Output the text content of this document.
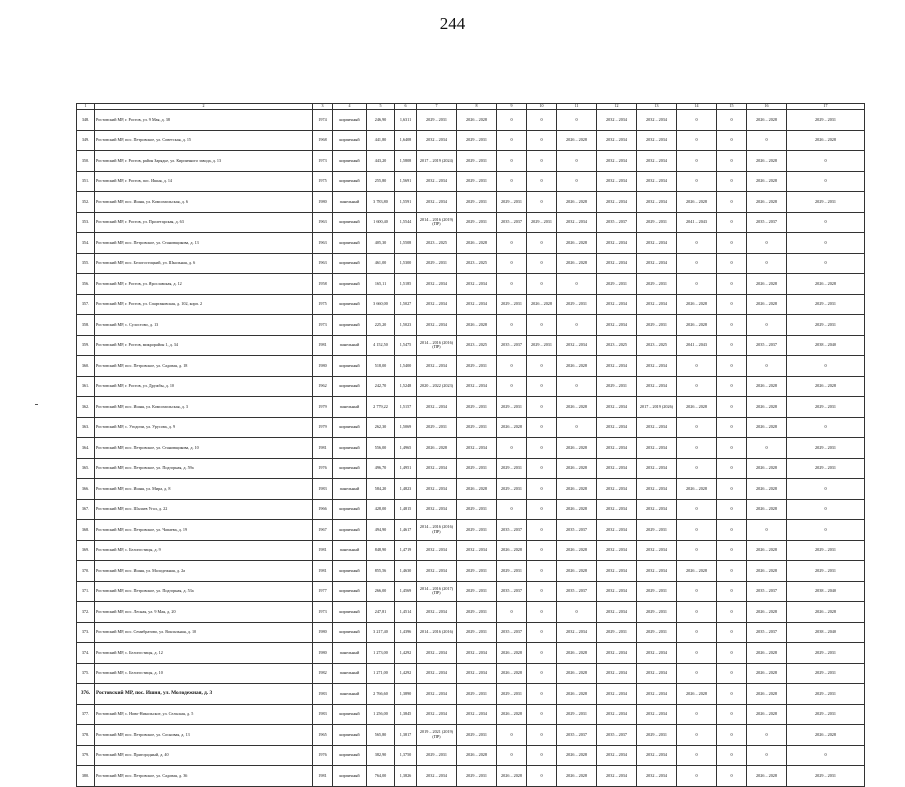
244
1	2	3	4	5	6	7	8	9	10	11	12	13	14	15	16	17
348.	Ростовский МР, г. Ростов, ул. 9 Мая, д. 38	1974	кирпичный	246,90	1,6311	2029 – 2031	2026 – 2028	0	0	0	2032 – 2034	2032 – 2034	0	0	2026 – 2028	2029 – 2031
349.	Ростовский МР, пос. Петровское, ул. Советская, д. 15	1968	кирпичный	441,80	1,6408	2032 – 2034	2029 – 2031	0	0	2026 – 2028	2032 – 2034	2032 – 2034	0	0	0	2026 – 2028
350.	Ростовский МР, г. Ростов, район Зарядье, ул. Кирпичного завода, д. 13	1973	кирпичный	443,20	1,5808	2017 – 2019 (2024)	2029 – 2031	0	0	0	2032 – 2034	2032 – 2034	0	0	2026 – 2028	0
351.	Ростовский МР, г. Ростов, пос. Ишня, д. 14	1975	кирпичный	255,80	1,5691	2032 – 2034	2029 – 2031	0	0	0	2032 – 2034	2032 – 2034	0	0	2026 – 2028	0
352.	Ростовский МР, пос. Ишня, ул. Комсомольская, д. 6	1980	панельный	3 783,80	1,5591	2032 – 2034	2029 – 2031	2029 – 2031	0	2026 – 2028	2032 – 2034	2032 – 2034	2026 – 2028	0	2026 – 2028	2029 – 2031
353.	Ростовский МР, г. Ростов, ул. Пролетарская, д. 63	1963	кирпичный	1 600,40	1,5544	2014 – 2016 (2019) (ПР)	2029 – 2031	2035 – 2037	2029 – 2031	2032 – 2034	2035 – 2037	2029 – 2031	2041 – 2043	0	2035 – 2037	0
354.	Ростовский МР, пос. Петровское, ул. Становщикова, д. 13	1963	кирпичный	405,30	1,5508	2023 – 2025	2026 – 2028	0	0	2026 – 2028	2032 – 2034	2032 – 2034	0	0	0	0
355.	Ростовский МР, пос. Белогостицкий, ул. Школьная, д. 6	1963	кирпичный	461,00	1,5300	2029 – 2031	2023 – 2025	0	0	2026 – 2028	2032 – 2034	2032 – 2034	0	0	0	0
356.	Ростовский МР, г. Ростов, ул. Ярославская, д. 12	1958	кирпичный	165,11	1,5185	2032 – 2034	2032 – 2034	0	0	0	2029 – 2031	2029 – 2031	0	0	2026 – 2028	2026 – 2028
357.	Ростовский МР, г. Ростов, ул. Спартаковская, д. 102, корп. 2	1975	кирпичный	3 660,00	1,5027	2032 – 2034	2032 – 2034	2029 – 2031	2026 – 2028	2029 – 2031	2032 – 2034	2032 – 2034	2026 – 2028	0	2026 – 2028	2029 – 2031
358.	Ростовский МР, с. Сулостово, д. 13	1973	кирпичный	225,20	1,5023	2032 – 2034	2026 – 2028	0	0	0	2032 – 2034	2029 – 2031	2026 – 2028	0	0	2029 – 2031
359.	Ростовский МР, г. Ростов, микрорайон 1, д. 34	1981	панельный	4 152,50	1,5475	2014 – 2016 (2016) (ПР)	2023 – 2025	2035 – 2037	2029 – 2031	2032 – 2034	2023 – 2025	2023 – 2025	2041 – 2043	0	2035 – 2037	2038 – 2040
360.	Ростовский МР, пос. Петровское, ул. Садовая, д. 18	1980	кирпичный	518,00	1,5400	2032 – 2034	2029 – 2031	0	0	2026 – 2028	2032 – 2034	2032 – 2034	0	0	0	0
361.	Ростовский МР, г. Ростов, ул. Дружбы, д. 10	1962	кирпичный	242,70	1,5248	2020 – 2022 (2023)	2032 – 2034	0	0	0	2029 – 2031	2032 – 2034	0	0	2026 – 2028	2026 – 2028
362.	Ростовский МР, пос. Ишня, ул. Комсомольская, д. 3	1979	панельный	2 779,22	1,5157	2032 – 2034	2029 – 2031	2029 – 2031	0	2026 – 2028	2032 – 2034	2017 – 2019 (2026)	2026 – 2028	0	2026 – 2028	2029 – 2031
363.	Ростовский МР, с. Угодичи, ул. Урусова, д. 9	1979	кирпичный	262,30	1,5069	2029 – 2031	2029 – 2031	2026 – 2028	0	0	2032 – 2034	2032 – 2034	0	0	2026 – 2028	0
364.	Ростовский МР, пос. Петровское, ул. Становщикова, д. 10	1981	кирпичный	556,00	1,4965	2026 – 2028	2032 – 2034	0	0	2026 – 2028	2032 – 2034	2032 – 2034	0	0	0	2029 – 2031
365.	Ростовский МР, пос. Петровское, ул. Подгорная, д. 59а	1976	кирпичный	496,70	1,4951	2032 – 2034	2029 – 2031	2029 – 2031	0	2026 – 2028	2032 – 2034	2032 – 2034	0	0	2026 – 2028	2029 – 2031
366.	Ростовский МР, пос. Ишня, ул. Мира, д. 8	1983	панельный	584,20	1,4823	2032 – 2034	2026 – 2028	2029 – 2031	0	2026 – 2028	2032 – 2034	2032 – 2034	2026 – 2028	0	2026 – 2028	0
367.	Ростовский МР, пос. Шалаев Угол, д. 22	1966	кирпичный	428,00	1,4815	2032 – 2034	2029 – 2031	0	0	2026 – 2028	2032 – 2034	2032 – 2034	0	0	2026 – 2028	0
368.	Ростовский МР, пос. Петровское, ул. Чапаева, д. 19	1967	кирпичный	494,90	1,4617	2014 – 2016 (2016) (ПР)	2029 – 2031	2035 – 2037	0	2035 – 2037	2032 – 2034	2029 – 2031	0	0	0	0
369.	Ростовский МР, с. Белогостицы, д. 9	1981	панельный	848,90	1,4719	2032 – 2034	2032 – 2034	2026 – 2028	0	2026 – 2028	2032 – 2034	2032 – 2034	0	0	2026 – 2028	2029 – 2031
370.	Ростовский МР, пос. Ишня, ул. Молодежная, д. 2а	1981	кирпичный	855,56	1,4630	2032 – 2034	2029 – 2031	2029 – 2031	0	2026 – 2028	2032 – 2034	2032 – 2034	2026 – 2028	0	2026 – 2028	2029 – 2031
371.	Ростовский МР, пос. Петровское, ул. Подгорная, д. 53а	1977	кирпичный	266,00	1,4569	2014 – 2016 (2017) (ПР)	2029 – 2031	2035 – 2037	0	2035 – 2037	2032 – 2034	2029 – 2031	0	0	2035 – 2037	2038 – 2040
372.	Ростовский МР, пос. Лесная, ул. 9 Мая, д. 20	1973	кирпичный	247,81	1,4514	2032 – 2034	2029 – 2031	0	0	0	2032 – 2034	2029 – 2031	0	0	2026 – 2028	2026 – 2028
373.	Ростовский МР, пос. Семибратово, ул. Вокзальная, д. 10	1980	кирпичный	3 217,40	1,4396	2014 – 2016 (2016)	2029 – 2031	2035 – 2037	0	2032 – 2034	2029 – 2031	2029 – 2031	0	0	2035 – 2037	2038 – 2040
374.	Ростовский МР, с. Белогостицы, д. 12	1980	панельный	1 273,00	1,4292	2032 – 2034	2032 – 2034	2026 – 2028	0	2026 – 2028	2032 – 2034	2032 – 2034	0	0	2026 – 2028	2029 – 2031
375.	Ростовский МР, с. Белогостицы, д. 10	1982	панельный	1 271,00	1,4292	2032 – 2034	2032 – 2034	2026 – 2028	0	2026 – 2028	2032 – 2034	2032 – 2034	0	0	2026 – 2028	2029 – 2031
376.	Ростовский МР, пос. Ишня, ул. Молодежная, д. 3	1983	панельный	2 766,60	1,3890	2032 – 2034	2029 – 2031	2029 – 2031	0	2026 – 2028	2032 – 2034	2032 – 2034	2026 – 2028	0	2026 – 2028	2029 – 2031
377.	Ростовский МР, с. Ново-Никольское, ул. Сельская, д. 5	1983	кирпичный	1 256,00	1,3845	2032 – 2034	2032 – 2034	2026 – 2028	0	2029 – 2031	2032 – 2034	2032 – 2034	0	0	2026 – 2028	2029 – 2031
378.	Ростовский МР, пос. Петровское, ул. Сосновая, д. 13	1965	кирпичный	565,80	1,3817	2019 – 2021 (2019) (ПР)	2029 – 2031	0	0	2035 – 2037	2035 – 2037	2029 – 2031	0	0	0	2026 – 2028
379.	Ростовский МР, пос. Пригородный, д. 40	1976	кирпичный	382,90	1,3750	2029 – 2031	2026 – 2028	0	0	2026 – 2028	2032 – 2034	2032 – 2034	0	0	0	0
380.	Ростовский МР, пос. Петровское, ул. Садовая, д. 36	1981	кирпичный	764,00	1,3826	2032 – 2034	2029 – 2031	2026 – 2028	0	2026 – 2028	2032 – 2034	2032 – 2034	0	0	2026 – 2028	2029 – 2031
